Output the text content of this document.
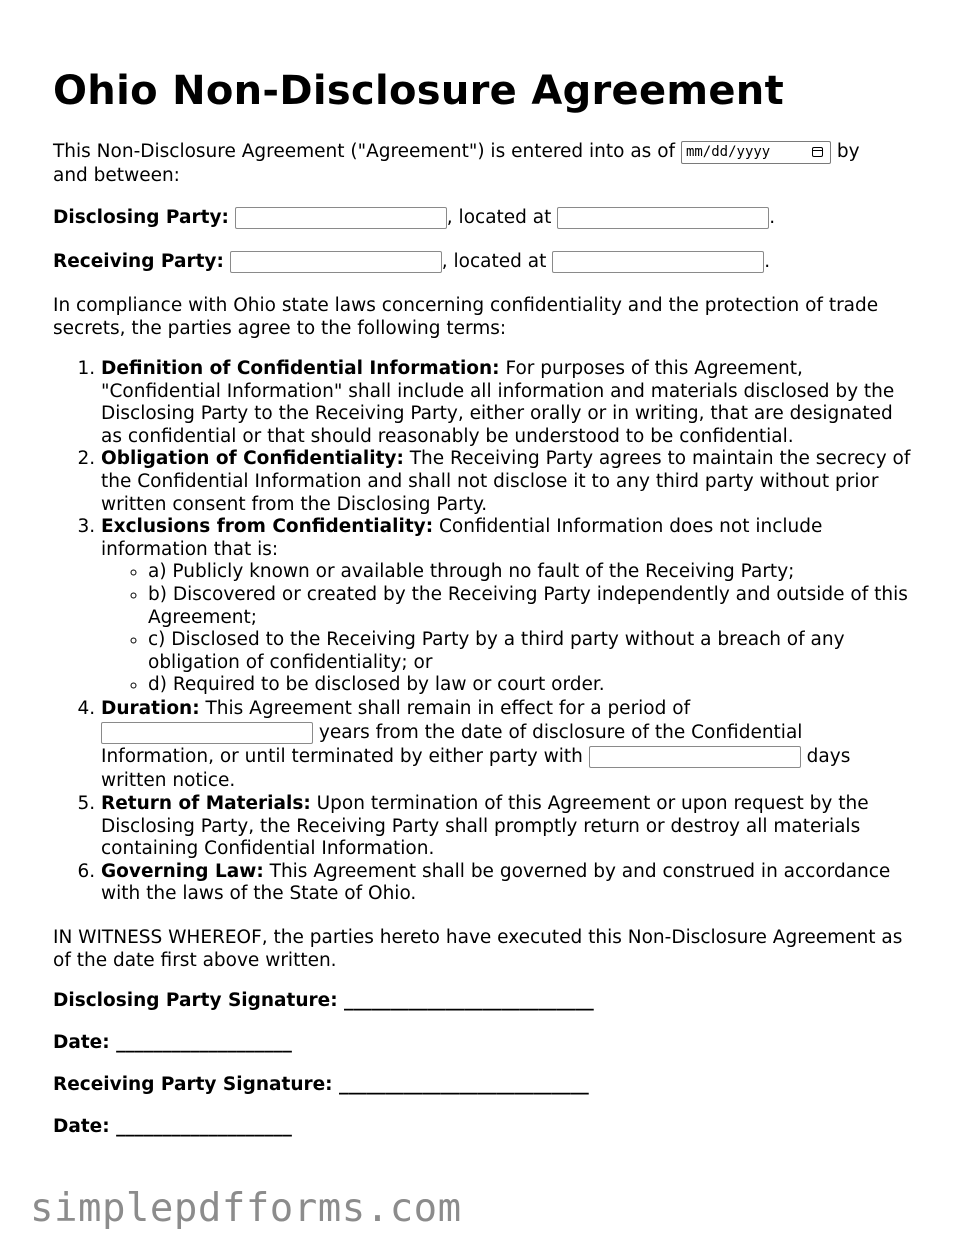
Ohio Non-Disclosure Agreement
This Non-Disclosure Agreement ("Agreement") is entered into as of mm/dd/yyyy	by
and between:
Disclosing Party:	, located at	.
Receiving Party:	, located at	.
In compliance with Ohio state laws concerning confidentiality and the protection of trade secrets, the parties agree to the following terms:
1. Definition of Confidential Information: For purposes of this Agreement, "Confidential Information" shall include all information and materials disclosed by the Disclosing Party to the Receiving Party, either orally or in writing, that are designated as confidential or that should reasonably be understood to be confidential.
2. Obligation of Confidentiality: The Receiving Party agrees to maintain the secrecy of the Confidential Information and shall not disclose it to any third party without prior written consent from the Disclosing Party.
3. Exclusions from Confidentiality: Confidential Information does not include information that is:
◦ a) Publicly known or available through no fault of the Receiving Party;
◦ b) Discovered or created by the Receiving Party independently and outside of this Agreement;
◦ c) Disclosed to the Receiving Party by a third party without a breach of any obligation of confidentiality; or
◦ d) Required to be disclosed by law or court order.
4. Duration: This Agreement shall remain in effect for a period of
years from the date of disclosure of the Confidential Information, or until terminated by either party with	days written notice.
5. Return of Materials: Upon termination of this Agreement or upon request by the Disclosing Party, the Receiving Party shall promptly return or destroy all materials containing Confidential Information.
6. Governing Law: This Agreement shall be governed by and construed in accordance with the laws of the State of Ohio.
IN WITNESS WHEREOF, the parties hereto have executed this Non-Disclosure Agreement as of the date first above written.
Disclosing Party Signature: ___________________________
Date: ___________________
Receiving Party Signature: ___________________________
Date: ___________________
simplepdfforms.com
